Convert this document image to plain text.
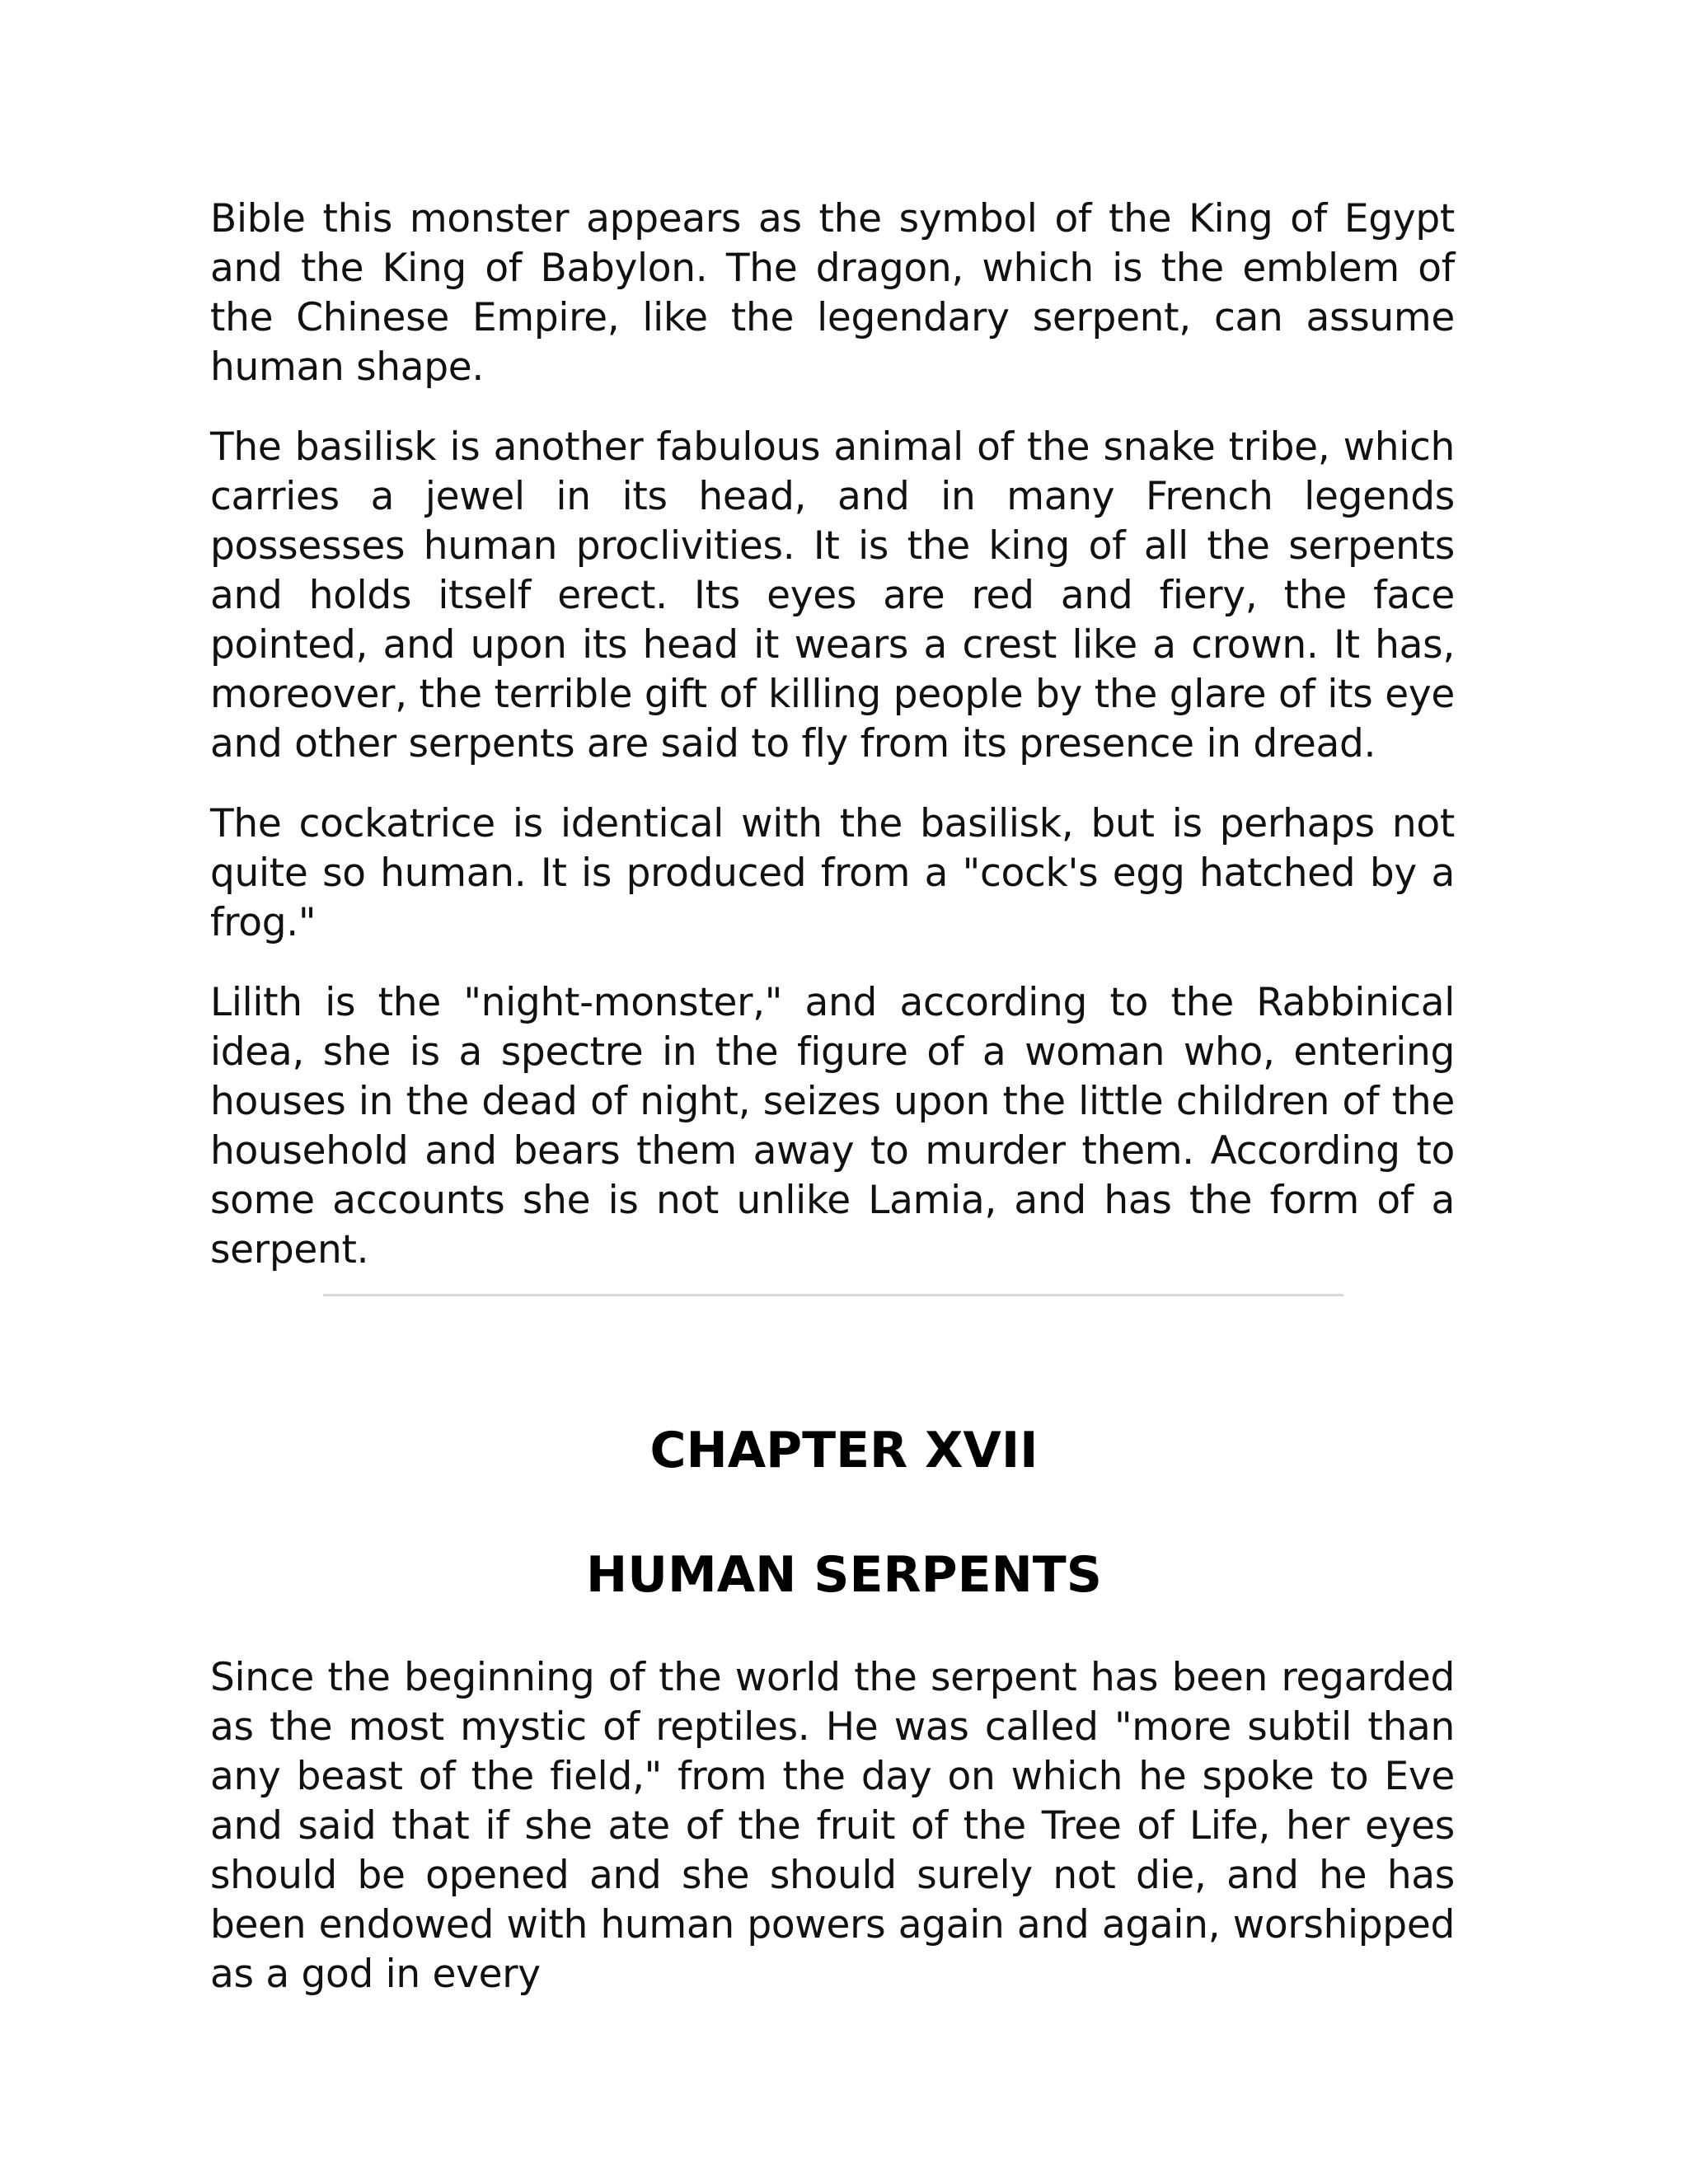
Bible this monster appears as the symbol of the King of Egypt and the King of Babylon. The dragon, which is the emblem of the Chinese Empire, like the legendary serpent, can assume human shape.

The basilisk is another fabulous animal of the snake tribe, which carries a jewel in its head, and in many French legends possesses human proclivities. It is the king of all the serpents and holds itself erect. Its eyes are red and fiery, the face pointed, and upon its head it wears a crest like a crown. It has, moreover, the terrible gift of killing people by the glare of its eye and other serpents are said to fly from its presence in dread.

The cockatrice is identical with the basilisk, but is perhaps not quite so human. It is produced from a "cock's egg hatched by a frog."

Lilith is the "night-monster," and according to the Rabbinical idea, she is a spectre in the figure of a woman who, entering houses in the dead of night, seizes upon the little children of the household and bears them away to murder them. According to some accounts she is not unlike Lamia, and has the form of a serpent.

CHAPTER XVII
HUMAN SERPENTS

Since the beginning of the world the serpent has been regarded as the most mystic of reptiles. He was called "more subtil than any beast of the field," from the day on which he spoke to Eve and said that if she ate of the fruit of the Tree of Life, her eyes should be opened and she should surely not die, and he has been endowed with human powers again and again, worshipped as a god in every
